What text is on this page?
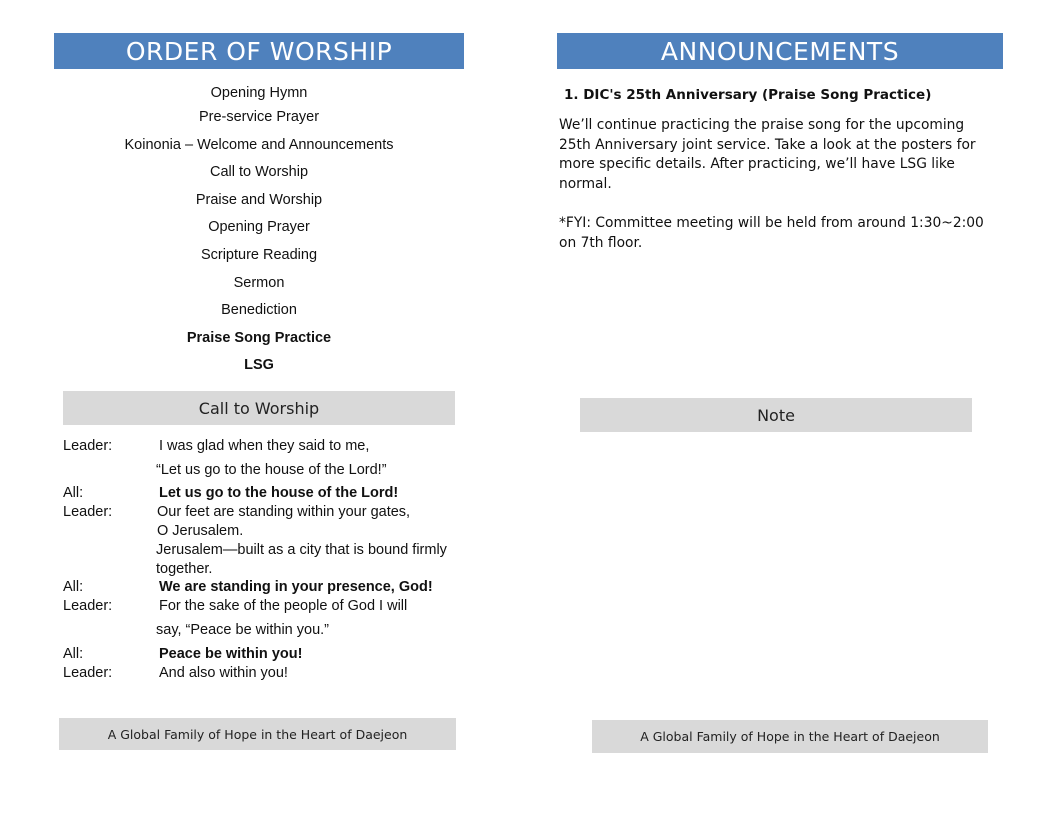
ORDER OF WORSHIP
Opening Hymn
Pre-service Prayer
Koinonia – Welcome and Announcements
Call to Worship
Praise and Worship
Opening Prayer
Scripture Reading
Sermon
Benediction
Praise Song Practice
LSG
Call to Worship
Leader:	I was glad when they said to me,
“Let us go to the house of the Lord!”
All:	Let us go to the house of the Lord!
Leader:	Our feet are standing within your gates,
O Jerusalem.
Jerusalem—built as a city that is bound firmly
together.
All:	We are standing in your presence, God!
Leader:	For the sake of the people of God I will
say, “Peace be within you.”
All:	Peace be within you!
Leader:	And also within you!
A Global Family of Hope in the Heart of Daejeon
ANNOUNCEMENTS
1. DIC's 25th Anniversary (Praise Song Practice)

We’ll continue practicing the praise song for the upcoming 25th Anniversary joint service. Take a look at the posters for more specific details. After practicing, we’ll have LSG like normal.

*FYI: Committee meeting will be held from around 1:30~2:00 on 7th floor.

Note
A Global Family of Hope in the Heart of Daejeon
